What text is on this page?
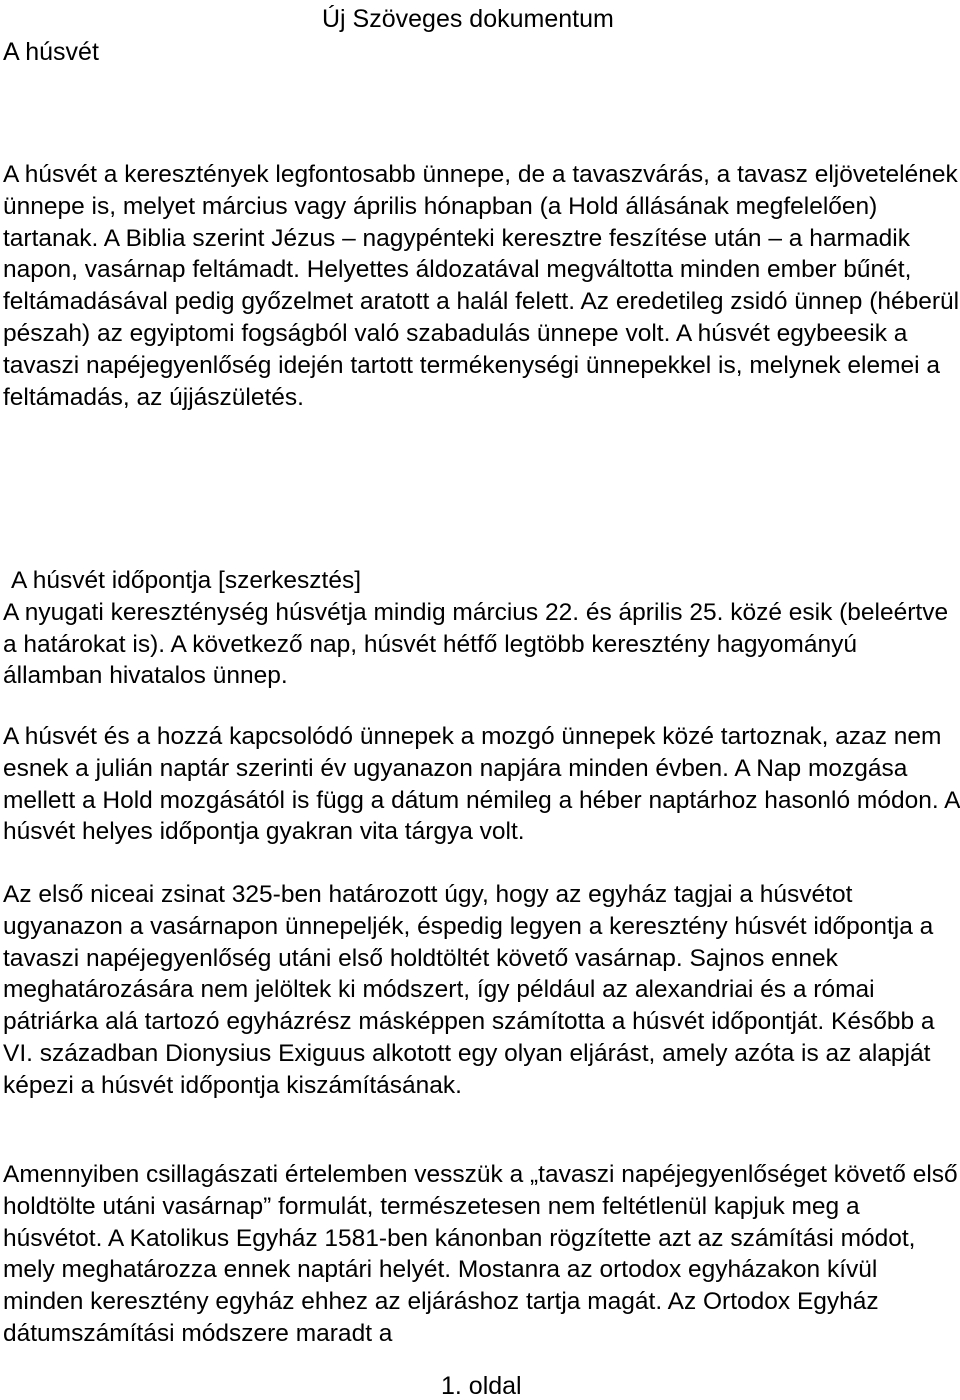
Új Szöveges dokumentum
A húsvét

A húsvét a keresztények legfontosabb ünnepe, de a tavaszvárás, a tavasz eljövetelének ünnepe is, melyet március vagy április hónapban (a Hold állásának megfelelően) tartanak. A Biblia szerint Jézus – nagypénteki keresztre feszítése után – a harmadik napon, vasárnap feltámadt. Helyettes áldozatával megváltotta minden ember bűnét, feltámadásával pedig győzelmet aratott a halál felett. Az eredetileg zsidó ünnep (héberül pészah) az egyiptomi fogságból való szabadulás ünnepe volt. A húsvét egybeesik a tavaszi napéjegyenlőség idején tartott termékenységi ünnepekkel is, melynek elemei a feltámadás, az újjászületés.

A húsvét időpontja [szerkesztés]

A nyugati kereszténység húsvétja mindig március 22. és április 25. közé esik (beleértve a határokat is). A következő nap, húsvét hétfő legtöbb keresztény hagyományú államban hivatalos ünnep.

A húsvét és a hozzá kapcsolódó ünnepek a mozgó ünnepek közé tartoznak, azaz nem esnek a julián naptár szerinti év ugyanazon napjára minden évben. A Nap mozgása mellett a Hold mozgásától is függ a dátum némileg a héber naptárhoz hasonló módon. A húsvét helyes időpontja gyakran vita tárgya volt.

Az első niceai zsinat 325-ben határozott úgy, hogy az egyház tagjai a húsvétot ugyanazon a vasárnapon ünnepeljék, éspedig legyen a keresztény húsvét időpontja a tavaszi napéjegyenlőség utáni első holdtöltét követő vasárnap. Sajnos ennek meghatározására nem jelöltek ki módszert, így például az alexandriai és a római pátriárka alá tartozó egyházrész másképpen számította a húsvét időpontját. Később a VI. században Dionysius Exiguus alkotott egy olyan eljárást, amely azóta is az alapját képezi a húsvét időpontja kiszámításának.

Amennyiben csillagászati értelemben vesszük a „tavaszi napéjegyenlőséget követő első holdtölte utáni vasárnap” formulát, természetesen nem feltétlenül kapjuk meg a húsvétot. A Katolikus Egyház 1581-ben kánonban rögzítette azt az számítási módot, mely meghatározza ennek naptári helyét. Mostanra az ortodox egyházakon kívül minden keresztény egyház ehhez az eljáráshoz tartja magát. Az Ortodox Egyház dátumszámítási módszere maradt a

1. oldal
